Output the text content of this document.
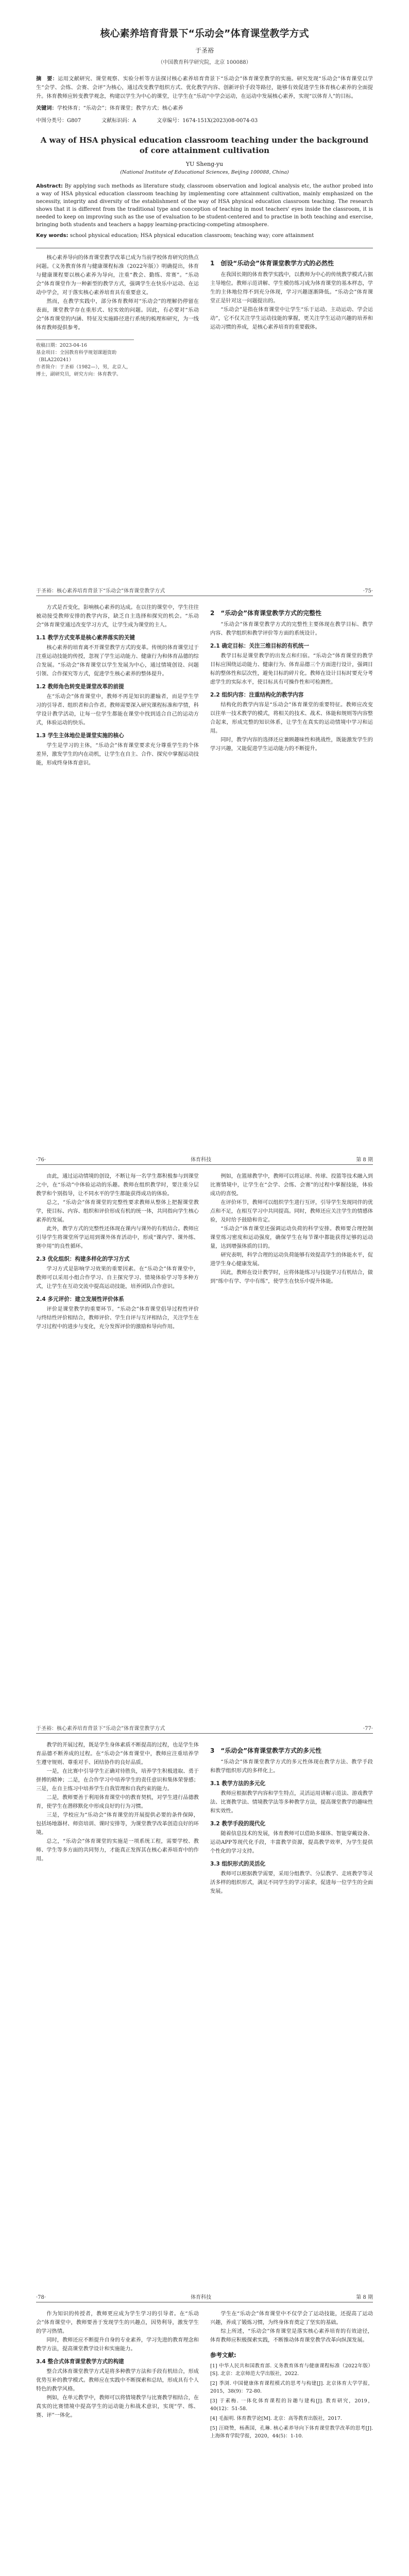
核心素养培育背景下“乐动会”体育课堂教学方式
于圣裕
（中国教育科学研究院，北京 100088）

摘　要：运用文献研究、课堂观察、实验分析等方法探讨核心素养培育背景下“乐动会”体育课堂教学的实施。研究发现“乐动会”体育课堂以学生“会学、会练、会赛、会评”为核心，通过改变教学组织方式、优化教学内容、创新评价手段等路径，能够有效促进学生体育核心素养的全面提升。体育教师应转变教学观念，构建以学生为中心的课堂，让学生在“乐动”中学会运动，在运动中发展核心素养，实现“以体育人”的目标。

关键词：学校体育；“乐动会”；体育课堂；教学方式；核心素养

中图分类号：G807	文献标识码：A	文章编号：1674-151X(2023)08-0074-03
A way of HSA physical education classroom teaching under the background of core attainment cultivation
YU Sheng-yu
(National Institute of Educational Sciences, Beijing 100088, China)

Abstract: By applying such methods as literature study, classroom observation and logical analysis etc, the author probed into a way of HSA physical education classroom teaching by implementing core attainment cultivation, mainly emphasized on the necessity, integrity and diversity of the establishment of the way of HSA physical education classroom teaching. The research shows that it is different from the traditional type and conception of teaching in most teachers' eyes inside the classroom, it is needed to keep on improving such as the use of evaluation to be student-centered and to practise in both teaching and exercise, bringing both students and teachers a happy learning-practicing-competing atmosphere.

Key words: school physical education; HSA physical education classroom; teaching way; core attainment

核心素养导向的体育课堂教学改革已成为当前学校体育研究的热点问题。《义务教育体育与健康课程标准（2022年版）》明确提出，体育与健康课程要以核心素养为导向，注重“教会、勤练、常赛”。“乐动会”体育课堂作为一种新型的教学方式，强调学生在快乐中运动、在运动中学会，对于落实核心素养培育具有重要意义。

然而，在教学实践中，部分体育教师对“乐动会”的理解仍停留在表面，课堂教学存在重形式、轻实效的问题。因此，有必要对“乐动会”体育课堂的内涵、特征及实施路径进行系统的梳理和研究，为一线体育教师提供参考。

收稿日期：2023-04-16

基金项目：全国教育科学规划课题资助（BLA220241）

作者简介：于圣裕（1982—），男，北京人，博士，副研究员，研究方向：体育教学。

1　创设“乐动会”体育课堂教学方式的必然性

在我国长期的体育教学实践中，以教师为中心的传统教学模式占据主导地位。教师示范讲解、学生模仿练习成为体育课堂的基本样态，学生的主体地位得不到充分体现，学习兴趣逐渐降低。“乐动会”体育课堂正是针对这一问题提出的。

“乐动会”是指在体育课堂中让学生“乐于运动、主动运动、学会运动”，它不仅关注学生运动技能的掌握，更关注学生运动兴趣的培养和运动习惯的养成，是核心素养培育的重要载体。

于圣裕：核心素养培育背景下“乐动会”体育课堂教学方式	·75·

方式是否变化，影响核心素养的达成。在以往的课堂中，学生往往被动接受教师安排的教学内容，缺乏自主选择和探究的机会。“乐动会”体育课堂通过改变学习方式，让学生成为课堂的主人。

1.1 教学方式变革是核心素养落实的关键

核心素养的培育离不开课堂教学方式的变革。传统的体育课堂过于注重运动技能的传授，忽视了学生运动能力、健康行为和体育品德的综合发展。“乐动会”体育课堂以学生发展为中心，通过情境创设、问题引领、合作探究等方式，促进学生核心素养的整体提升。

1.2 教师角色转变是课堂改革的前提

在“乐动会”体育课堂中，教师不再是知识的灌输者，而是学生学习的引导者、组织者和合作者。教师需要深入研究课程标准和学情，科学设计教学活动，让每一位学生都能在课堂中找到适合自己的运动方式，体验运动的快乐。

1.3 学生主体地位是课堂实施的核心

学生是学习的主体，“乐动会”体育课堂要求充分尊重学生的个体差异，激发学生的内在动机，让学生在自主、合作、探究中掌握运动技能，形成终身体育意识。

2　“乐动会”体育课堂教学方式的完整性

“乐动会”体育课堂教学方式的完整性主要体现在教学目标、教学内容、教学组织和教学评价等方面的系统设计。

2.1 确定目标：关注三维目标的有机统一

教学目标是课堂教学的出发点和归宿。“乐动会”体育课堂的教学目标应围绕运动能力、健康行为、体育品德三个方面进行设计，强调目标的整体性和层次性，避免目标的碎片化。教师在设计目标时要充分考虑学生的实际水平，使目标具有可操作性和可检测性。

2.2 组织内容：注重结构化的教学内容

结构化的教学内容是“乐动会”体育课堂的重要特征。教师应改变以往单一技术教学的模式，将相关的技术、战术、体能和规则等内容整合起来，形成完整的知识体系，让学生在真实的运动情境中学习和运用。

同时，教学内容的选择还应兼顾趣味性和挑战性，既能激发学生的学习兴趣，又能促进学生运动能力的不断提升。

·76·	体育科技	第 8 期

由此，通过运动情境的创设，不断让每一名学生都积极参与到课堂之中，在“乐动”中体验运动的乐趣。教师在组织教学时，要注重分层教学和个别指导，让不同水平的学生都能获得成功的体验。

总之，“乐动会”体育课堂的完整性要求教师从整体上把握课堂教学，使目标、内容、组织和评价形成有机的统一体，共同指向学生核心素养的发展。

此外，教学方式的完整性还体现在课内与课外的有机结合。教师应引导学生将课堂所学运用到课外体育活动中，形成“课内学、课外练、赛中用”的良性循环。

2.3 优化组织：构建多样化的学习方式

学习方式是影响学习效果的重要因素。在“乐动会”体育课堂中，教师可以采用小组合作学习、自主探究学习、情境体验学习等多种方式，让学生在互动交流中提高运动技能，培养团队合作意识。

2.4 多元评价：建立发展性评价体系

评价是课堂教学的重要环节。“乐动会”体育课堂倡导过程性评价与终结性评价相结合，教师评价、学生自评与互评相结合，关注学生在学习过程中的进步与变化，充分发挥评价的激励和导向作用。

例如，在篮球教学中，教师可以将运球、传球、投篮等技术融入到比赛情境中，让学生在“会学、会练、会赛”的过程中掌握技能，体验成功的喜悦。

在评价环节，教师可以组织学生进行互评，引导学生发现同伴的优点和不足，在相互学习中共同提高。同时，教师还应关注学生的情感体验，及时给予鼓励和肯定。

“乐动会”体育课堂还强调运动负荷的科学安排。教师要合理控制课堂练习密度和运动强度，确保学生在每节课中都能获得足够的运动量，达到增强体质的目的。

研究表明，科学合理的运动负荷能够有效提高学生的体能水平，促进学生身心健康发展。

因此，教师在设计教学时，应将体能练习与技能学习有机结合，做到“练中有学、学中有练”，使学生在快乐中提升体能。

于圣裕：核心素养培育背景下“乐动会”体育课堂教学方式	·77·

教学的开展过程，既是学生身体素质不断提高的过程，也是学生体育品德不断养成的过程。在“乐动会”体育课堂中，教师应注重培养学生遵守规则、尊重对手、团结协作的良好品质。

一是，在比赛中引导学生正确对待胜负，培养学生积极进取、勇于拼搏的精神；二是，在合作学习中培养学生的责任意识和集体荣誉感；三是，在自主练习中培养学生自我管理和自我约束的能力。

二是，教师要善于利用体育课堂中的教育契机，对学生进行品德教育，使学生在潜移默化中形成良好的行为习惯。

三是，学校应为“乐动会”体育课堂的开展提供必要的条件保障，包括场地器材、师资培训、课时安排等，为课堂教学改革创造良好的环境。

总之，“乐动会”体育课堂的实施是一项系统工程，需要学校、教师、学生等多方面的共同努力，才能真正发挥其在核心素养培育中的作用。

3　“乐动会”体育课堂教学方式的多元性

“乐动会”体育课堂教学方式的多元性体现在教学方法、教学手段和教学组织形式的多样化上。

3.1 教学方法的多元化

教师应根据教学内容和学生特点，灵活运用讲解示范法、游戏教学法、比赛教学法、情境教学法等多种教学方法，提高课堂教学的趣味性和实效性。

3.2 教学手段的现代化

随着信息技术的发展，体育教师可以借助多媒体、智能穿戴设备、运动APP等现代化手段，丰富教学资源，提高教学效率，为学生提供个性化的学习支持。

3.3 组织形式的灵活化

教师可以根据教学需要，采用分组教学、分层教学、走班教学等灵活多样的组织形式，满足不同学生的学习需求，促进每一位学生的全面发展。

·78·	体育科技	第 8 期

作为知识的传授者，教师更应成为学生学习的引导者。在“乐动会”体育课堂中，教师要善于发现学生的兴趣点，因势利导，激发学生的学习热情。

同时，教师还应不断提升自身的专业素养，学习先进的教育理念和教学方法，提高课堂教学设计和实施能力。

3.4 整合式体育课堂教学方式的构建

整合式体育课堂教学方式是将多种教学方法和手段有机结合，形成优势互补的教学模式。教师应在实践中不断探索和总结，形成具有个人特色的教学风格。

例如，在单元教学中，教师可以将情境教学与比赛教学相结合，在真实的比赛情境中提高学生的运动能力和战术意识，实现“学、练、赛、评”一体化。

学生在“乐动会”体育课堂中不仅学会了运动技能，还提高了运动兴趣，养成了锻炼习惯，为终身体育奠定了坚实的基础。

综上所述，“乐动会”体育课堂是落实核心素养培育的有效途径，体育教师应积极探索实践，不断推动体育课堂教学改革向纵深发展。

参考文献:

[1] 中华人民共和国教育部. 义务教育体育与健康课程标准（2022年版）[S]. 北京：北京师范大学出版社，2022.

[2] 季浏. 中国健康体育课程模式的思考与构建[J]. 北京体育大学学报，2015，38(9)：72-80.

[3] 于素梅. 一体化体育课程的旨趣与建构[J]. 教育研究，2019，40(12)：51-58.

[4] 毛振明. 体育教学论[M]. 北京：高等教育出版社，2017.

[5] 汪晓赞，杨燕国，孔琳. 核心素养导向下体育课堂教学改革的思考[J]. 上海体育学院学报，2020，44(5)：1-10.
